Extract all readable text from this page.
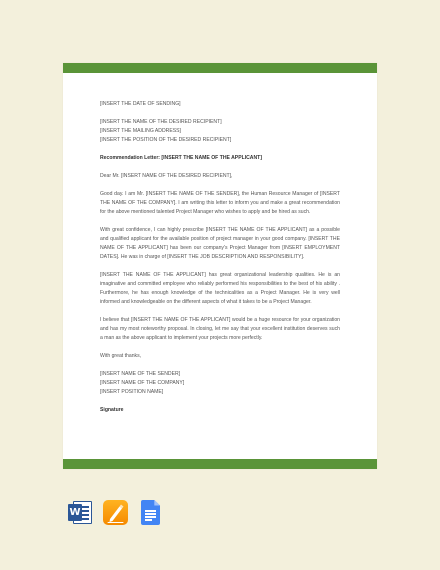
[INSERT THE DATE OF SENDING]

[INSERT THE NAME OF THE DESIRED RECIPIENT]

[INSERT THE MAILING ADDRESS]

[INSERT THE POSITION OF THE DESIRED RECIPIENT]

Recommendation Letter: [INSERT THE NAME OF THE APPLICANT]

Dear Mr. [INSERT NAME OF THE DESIRED RECIPIENT],

Good day. I am Mr. [INSERT THE NAME OF THE SENDER], the Human Resource Manager of [INSERT THE NAME OF THE COMPANY]. I am writing this letter to inform you and make a great recommendation for the above mentioned talented Project Manager who wishes to apply and be hired as such.

With great confidence, I can highly prescribe [INSERT THE NAME OF THE APPLICANT] as a possible and qualified applicant for the available position of project manager in your good company. [INSERT THE NAME OF THE APPLICANT] has been our company's Project Manager from [INSERT EMPLOYMENT DATES]. He was in charge of [INSERT THE JOB DESCRIPTION AND RESPONSIBILITY].

[INSERT THE NAME OF THE APPLICANT] has great organizational leadership qualities. He is an imaginative and committed employee who reliably performed his responsibilities to the best of his ability . Furthermore, he has enough knowledge of the technicalities as a Project Manager. He is very well informed and knowledgeable on the different aspects of what it takes to be a Project Manager.

I believe that [INSERT THE NAME OF THE APPLICANT] would be a huge resource for your organization and has my most noteworthy proposal. In closing, let me say that your excellent institution deserves such a man as the above applicant to implement your projects more perfectly.

With great thanks,

[INSERT NAME OF THE SENDER]

[INSERT NAME OF THE COMPANY]

[INSERT POSITION NAME]

Signature

W
